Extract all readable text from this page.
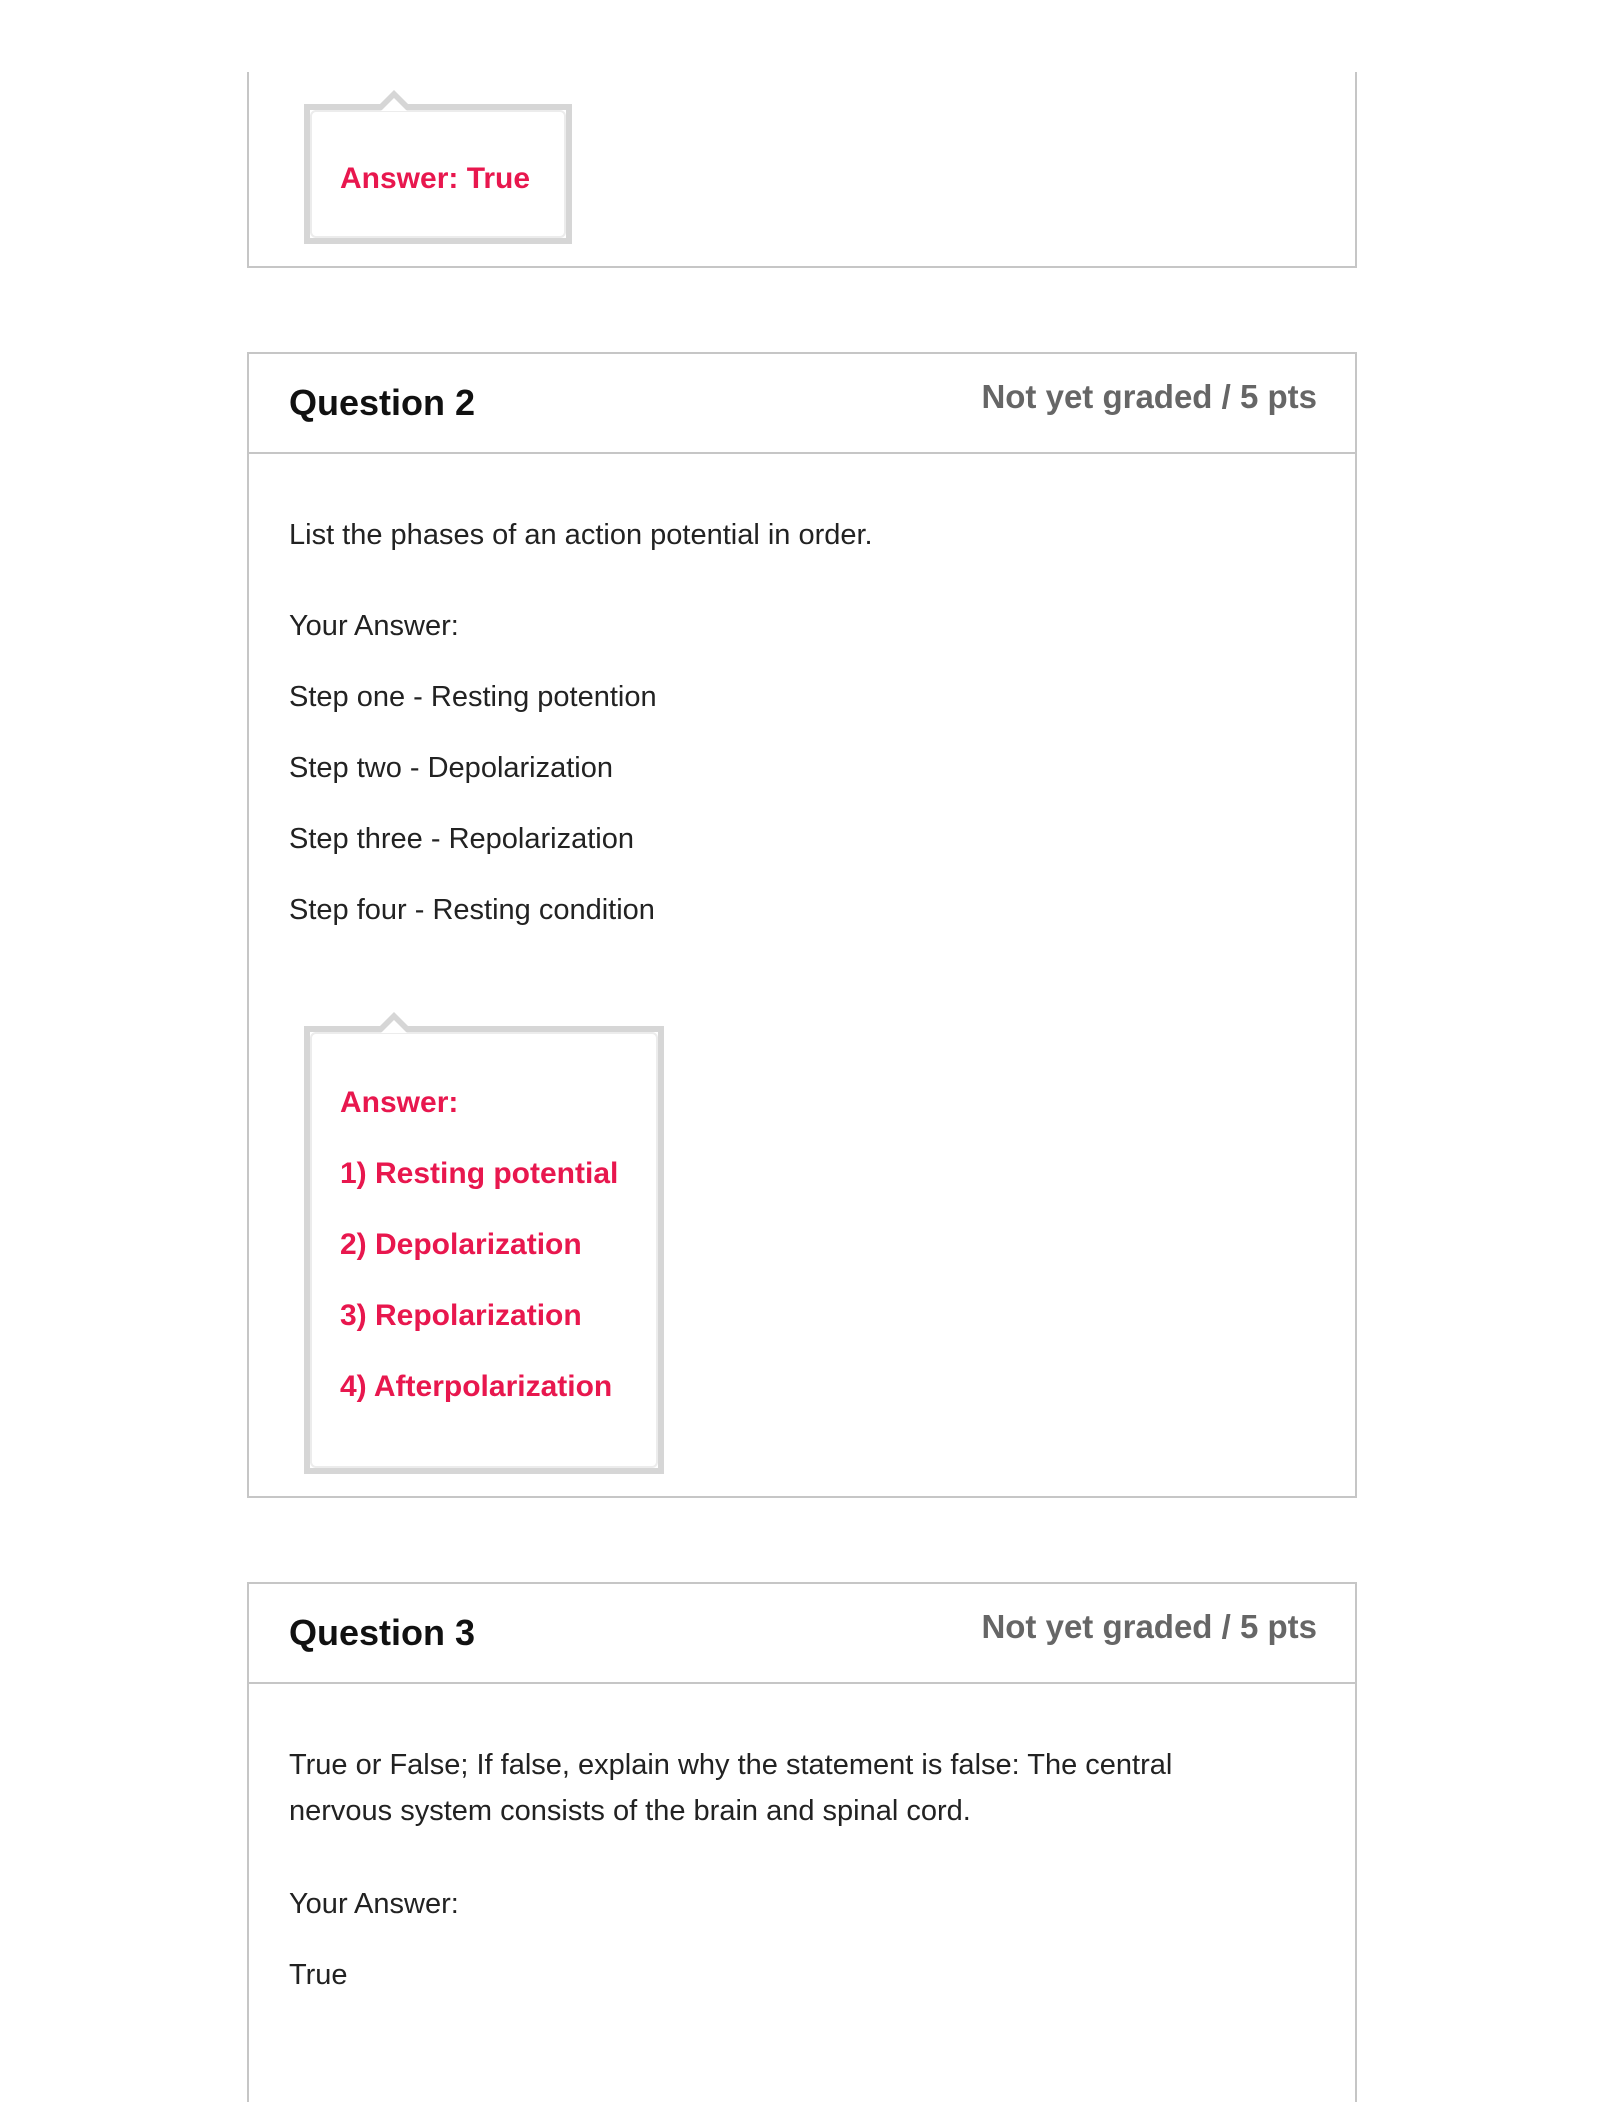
Answer: True
Question 2	Not yet graded / 5 pts

List the phases of an action potential in order.

Your Answer:
Step one - Resting potention
Step two - Depolarization
Step three - Repolarization
Step four - Resting condition
Answer:
1) Resting potential
2) Depolarization
3) Repolarization
4) Afterpolarization
Question 3	Not yet graded / 5 pts
True or False; If false, explain why the statement is false: The central
nervous system consists of the brain and spinal cord.
Your Answer:
True
